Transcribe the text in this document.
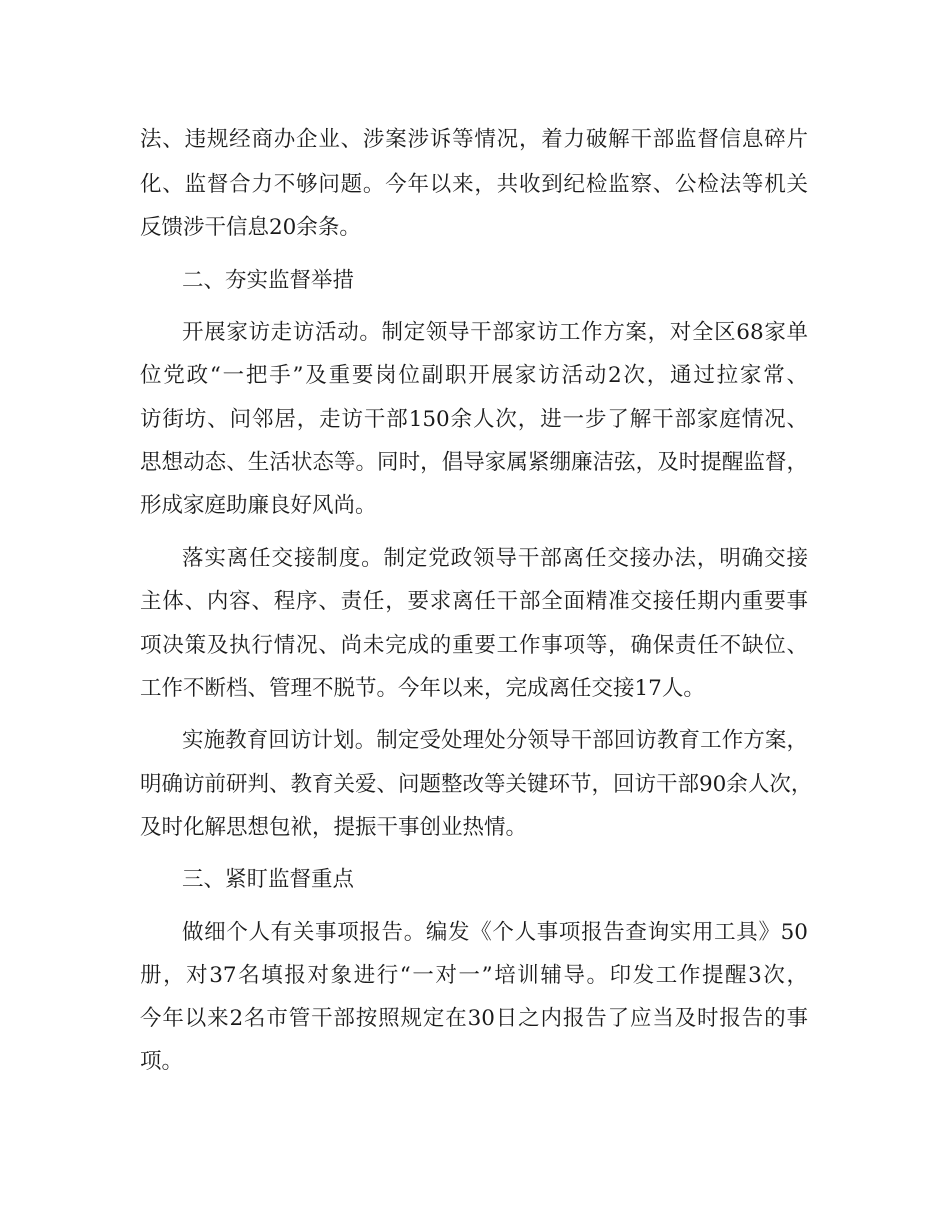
法、违规经商办企业、涉案涉诉等情况，着力破解干部监督信息碎片
化、监督合力不够问题。今年以来，共收到纪检监察、公检法等机关
反馈涉干信息20余条。
二、夯实监督举措
开展家访走访活动。制定领导干部家访工作方案，对全区68家单
位党政“一把手”及重要岗位副职开展家访活动2次，通过拉家常、
访街坊、问邻居，走访干部150余人次，进一步了解干部家庭情况、
思想动态、生活状态等。同时，倡导家属紧绷廉洁弦，及时提醒监督，
形成家庭助廉良好风尚。
落实离任交接制度。制定党政领导干部离任交接办法，明确交接
主体、内容、程序、责任，要求离任干部全面精准交接任期内重要事
项决策及执行情况、尚未完成的重要工作事项等，确保责任不缺位、
工作不断档、管理不脱节。今年以来，完成离任交接17人。
实施教育回访计划。制定受处理处分领导干部回访教育工作方案，
明确访前研判、教育关爱、问题整改等关键环节，回访干部90余人次，
及时化解思想包袱，提振干事创业热情。
三、紧盯监督重点
做细个人有关事项报告。编发《个人事项报告查询实用工具》50
册，对37名填报对象进行“一对一”培训辅导。印发工作提醒3次，
今年以来2名市管干部按照规定在30日之内报告了应当及时报告的事
项。
